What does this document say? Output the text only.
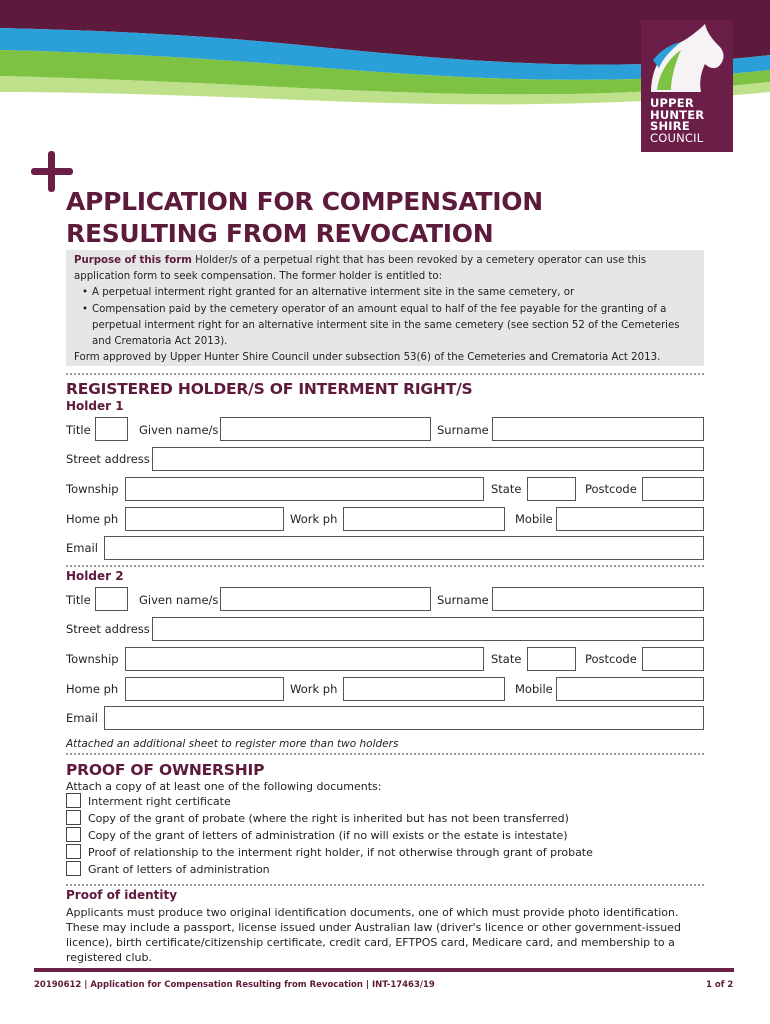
UPPER
HUNTER
SHIRE
COUNCIL
APPLICATION FOR COMPENSATION
RESULTING FROM REVOCATION

Purpose of this form Holder/s of a perpetual right that has been revoked by a cemetery operator can use this application form to seek compensation. The former holder is entitled to:

• A perpetual interment right granted for an alternative interment site in the same cemetery, or
• Compensation paid by the cemetery operator of an amount equal to half of the fee payable for the granting of a perpetual interment right for an alternative interment site in the same cemetery (see section 52 of the Cemeteries and Crematoria Act 2013).

Form approved by Upper Hunter Shire Council under subsection 53(6) of the Cemeteries and Crematoria Act 2013.

REGISTERED HOLDER/S OF INTERMENT RIGHT/S
Holder 1
Title	Given name/s	Surname
Street address
Township	State	Postcode
Home ph	Work ph	Mobile
Email
Holder 2
Title	Given name/s	Surname
Street address
Township	State	Postcode
Home ph	Work ph	Mobile
Email
Attached an additional sheet to register more than two holders
PROOF OF OWNERSHIP
Attach a copy of at least one of the following documents:
Interment right certificate
Copy of the grant of probate (where the right is inherited but has not been transferred)
Copy of the grant of letters of administration (if no will exists or the estate is intestate)
Proof of relationship to the interment right holder, if not otherwise through grant of probate
Grant of letters of administration
Proof of identity
Applicants must produce two original identification documents, one of which must provide photo identification. These may include a passport, license issued under Australian law (driver's licence or other government-issued licence), birth certificate/citizenship certificate, credit card, EFTPOS card, Medicare card, and membership to a registered club.
20190612 | Application for Compensation Resulting from Revocation | INT-17463/19	1 of 2
